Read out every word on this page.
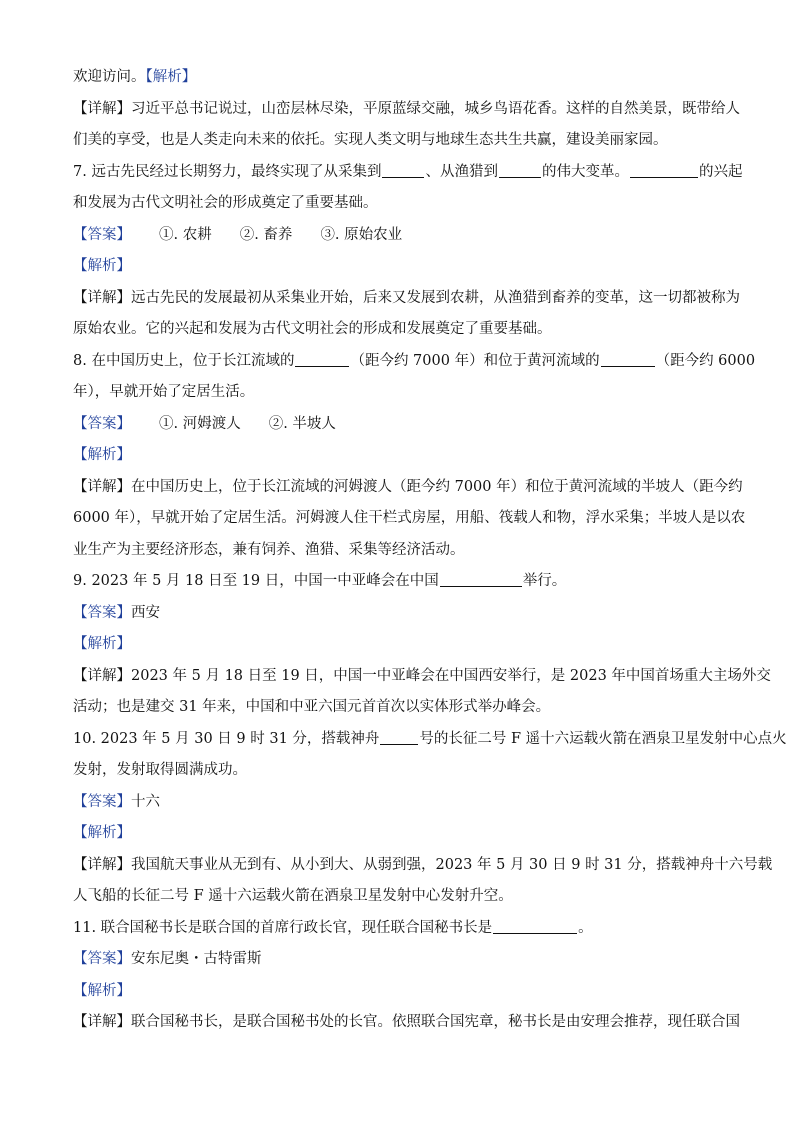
欢迎访问。【解析】
【详解】习近平总书记说过，山峦层林尽染，平原蓝绿交融，城乡鸟语花香。这样的自然美景，既带给人
们美的享受，也是人类走向未来的依托。实现人类文明与地球生态共生共赢，建设美丽家园。
7. 远古先民经过长期努力，最终实现了从采集到	、从渔猎到	的伟大变革。	的兴起
和发展为古代文明社会的形成奠定了重要基础。
【答案】 ①. 农耕 ②. 畜养 ③. 原始农业
【解析】
【详解】远古先民的发展最初从采集业开始，后来又发展到农耕，从渔猎到畜养的变革，这一切都被称为
原始农业。它的兴起和发展为古代文明社会的形成和发展奠定了重要基础。
8. 在中国历史上，位于长江流域的	（距今约 7000 年）和位于黄河流域的	（距今约 6000
年），早就开始了定居生活。
【答案】 ①. 河姆渡人 ②. 半坡人
【解析】
【详解】在中国历史上，位于长江流域的河姆渡人（距今约 7000 年）和位于黄河流域的半坡人（距今约
6000 年），早就开始了定居生活。河姆渡人住干栏式房屋，用船、筏载人和物，浮水采集；半坡人是以农
业生产为主要经济形态，兼有饲养、渔猎、采集等经济活动。
9. 2023 年 5 月 18 日至 19 日，中国一中亚峰会在中国	举行。
【答案】西安
【解析】
【详解】2023 年 5 月 18 日至 19 日，中国一中亚峰会在中国西安举行，是 2023 年中国首场重大主场外交
活动；也是建交 31 年来，中国和中亚六国元首首次以实体形式举办峰会。
10. 2023 年 5 月 30 日 9 时 31 分，搭载神舟	号的长征二号 F 遥十六运载火箭在酒泉卫星发射中心点火
发射，发射取得圆满成功。
【答案】十六
【解析】
【详解】我国航天事业从无到有、从小到大、从弱到强，2023 年 5 月 30 日 9 时 31 分，搭载神舟十六号载
人飞船的长征二号 F 遥十六运载火箭在酒泉卫星发射中心发射升空。
11. 联合国秘书长是联合国的首席行政长官，现任联合国秘书长是	。
【答案】安东尼奥・古特雷斯
【解析】
【详解】联合国秘书长，是联合国秘书处的长官。依照联合国宪章，秘书长是由安理会推荐，现任联合国
